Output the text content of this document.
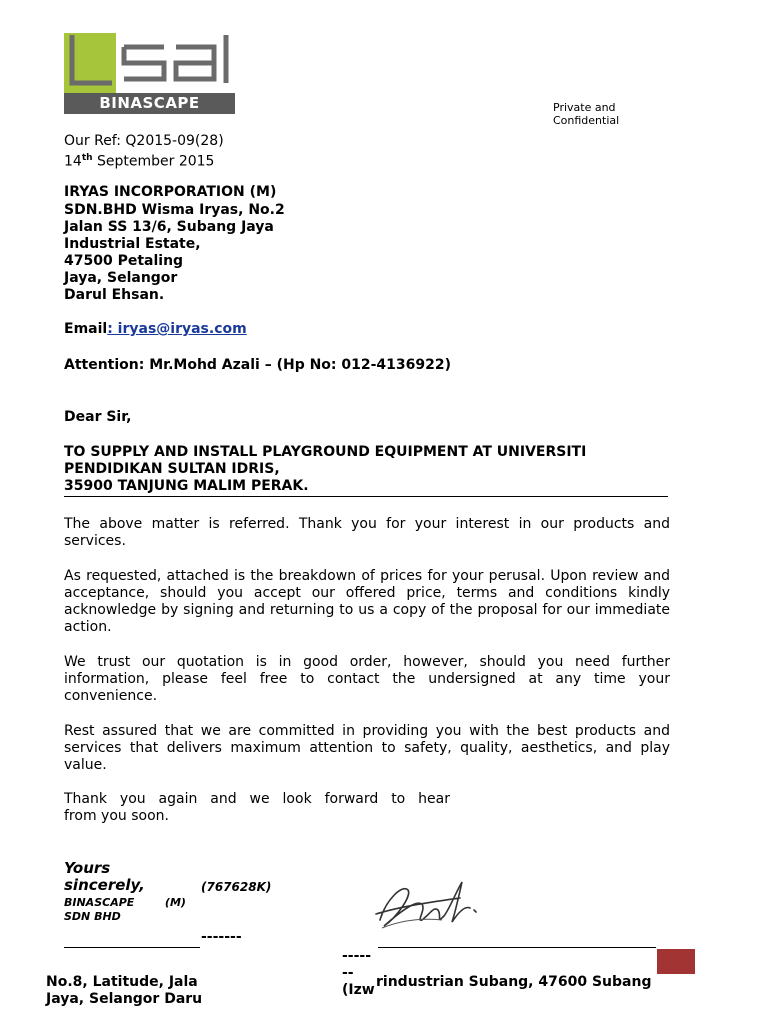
BINASCAPE	Private and Confidential
Our Ref: Q2015-09(28)
14th September 2015
IRYAS INCORPORATION (M)
SDN.BHD Wisma Iryas, No.2
Jalan SS 13/6, Subang Jaya
Industrial Estate,
47500 Petaling
Jaya, Selangor
Darul Ehsan.
Email: iryas@iryas.com
Attention: Mr.Mohd Azali – (Hp No: 012-4136922)
Dear Sir,
TO SUPPLY AND INSTALL PLAYGROUND EQUIPMENT AT UNIVERSITI
PENDIDIKAN SULTAN IDRIS,
35900 TANJUNG MALIM PERAK.
The above matter is referred. Thank you for your interest in our products and services.
As requested, attached is the breakdown of prices for your perusal. Upon review and acceptance, should you accept our offered price, terms and conditions kindly acknowledge by signing and returning to us a copy of the proposal for our immediate action.
We trust our quotation is in good order, however, should you need further information, please feel free to contact the undersigned at any time your convenience.
Rest assured that we are committed in providing you with the best products and services that delivers maximum attention to safety, quality, aesthetics, and play value.
Thank you again and we look forward to hear
from you soon.
Yours
sincerely,	(767628K)
BINASCAPE        (M)
SDN BHD
-------
-----
--
(Izw
No.8, Latitude, Jala
Jaya, Selangor Daru
rindustrian Subang, 47600 Subang
